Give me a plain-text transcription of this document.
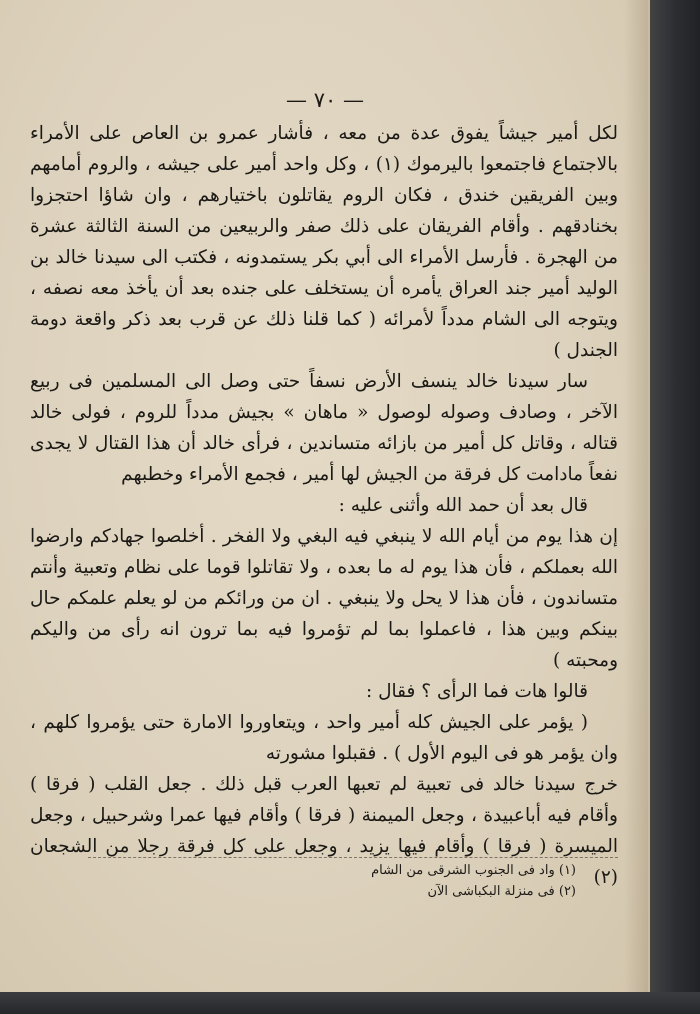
— ٧٠ —

لكل أمير جيشاً يفوق عدة من معه ، فأشار عمرو بن العاص على الأمراء بالاجتماع فاجتمعوا باليرموك (١) ، وكل واحد أمير على جيشه ، والروم أمامهم وبين الفريقين خندق ، فكان الروم يقاتلون باختيارهم ، وان شاؤا احتجزوا بخنادقهم . وأقام الفريقان على ذلك صفر والربيعين من السنة الثالثة عشرة من الهجرة . فأرسل الأمراء الى أبي بكر يستمدونه ، فكتب الى سيدنا خالد بن الوليد أمير جند العراق يأمره أن يستخلف على جنده بعد أن يأخذ معه نصفه ، ويتوجه الى الشام مدداً لأمرائه ( كما قلنا ذلك عن قرب بعد ذكر واقعة دومة الجندل )

سار سيدنا خالد ينسف الأرض نسفاً حتى وصل الى المسلمين فى ربيع الآخر ، وصادف وصوله لوصول « ماهان » بجيش مدداً للروم ، فولى خالد قتاله ، وقاتل كل أمير من بازائه متساندين ، فرأى خالد أن هذا القتال لا يجدى نفعاً مادامت كل فرقة من الجيش لها أمير ، فجمع الأمراء وخطبهم

قال بعد أن حمد الله وأثنى عليه :

إن هذا يوم من أيام الله لا ينبغي فيه البغي ولا الفخر . أخلصوا جهادكم وارضوا الله بعملكم ، فأن هذا يوم له ما بعده ، ولا تقاتلوا قوما على نظام وتعبية وأنتم متساندون ، فأن هذا لا يحل ولا ينبغي . ان من ورائكم من لو يعلم علمكم حال بينكم وبين هذا ، فاعملوا بما لم تؤمروا فيه بما ترون انه رأى من واليكم ومحبته )

قالوا هات فما الرأى ؟ فقال :

( يؤمر على الجيش كله أمير واحد ، ويتعاوروا الامارة حتى يؤمروا كلهم ، وان يؤمر هو فى اليوم الأول ) . فقبلوا مشورته

خرج سيدنا خالد فى تعبية لم تعبها العرب قبل ذلك . جعل القلب ( فرقا ) وأقام فيه أباعبيدة ، وجعل الميمنة ( فرقا ) وأقام فيها عمرا وشرحبيل ، وجعل الميسرة ( فرقا ) وأقام فيها يزيد ، وجعل على كل فرقة رجلا من الشجعان (٢)

(١) واد فى الجنوب الشرقى من الشام

(٢) فى منزلة البكباشى الآن
